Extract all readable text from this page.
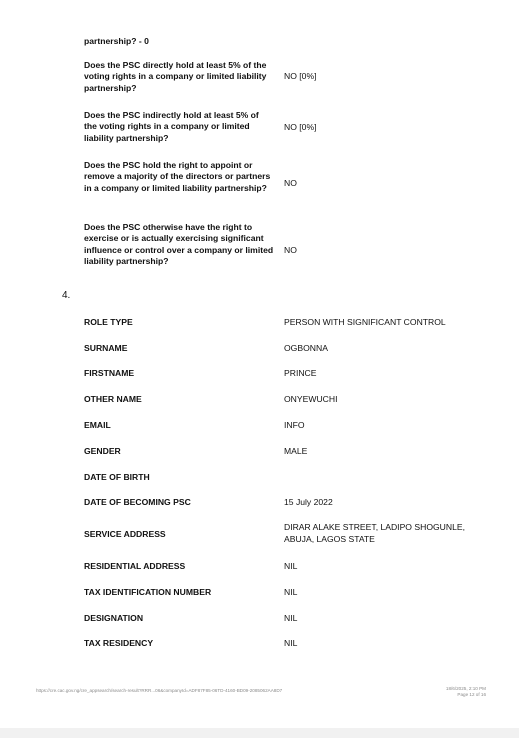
partnership? - 0
Does the PSC directly hold at least 5% of the voting rights in a company or limited liability partnership?
NO [0%]
Does the PSC indirectly hold at least 5% of the voting rights in a company or limited liability partnership?
NO [0%]
Does the PSC hold the right to appoint or remove a majority of the directors or partners in a company or limited liability partnership?	NO
Does the PSC otherwise have the right to exercise or is actually exercising significant influence or control over a company or limited liability partnership?
NO
4.
ROLE TYPE	PERSON WITH SIGNIFICANT CONTROL
SURNAME	OGBONNA
FIRSTNAME	PRINCE
OTHER NAME	ONYEWUCHI
EMAIL	INFO
GENDER	MALE
DATE OF BIRTH
DATE OF BECOMING PSC	15 July 2022
SERVICE ADDRESS
DIRAR ALAKE STREET, LADIPO SHOGUNLE, ABUJA, LAGOS STATE
RESIDENTIAL ADDRESS	NIL
TAX IDENTIFICATION NUMBER	NIL
DESIGNATION	NIL
TAX RESIDENCY	NIL
https://cre.cac.gov.ng/cre_appsearch/search-result?RRR...06&companyId=ADF87F85-06TD-4160-BD09-2085062AA8D7	18/6/2025, 2:10 PM
Page 12 of 16
